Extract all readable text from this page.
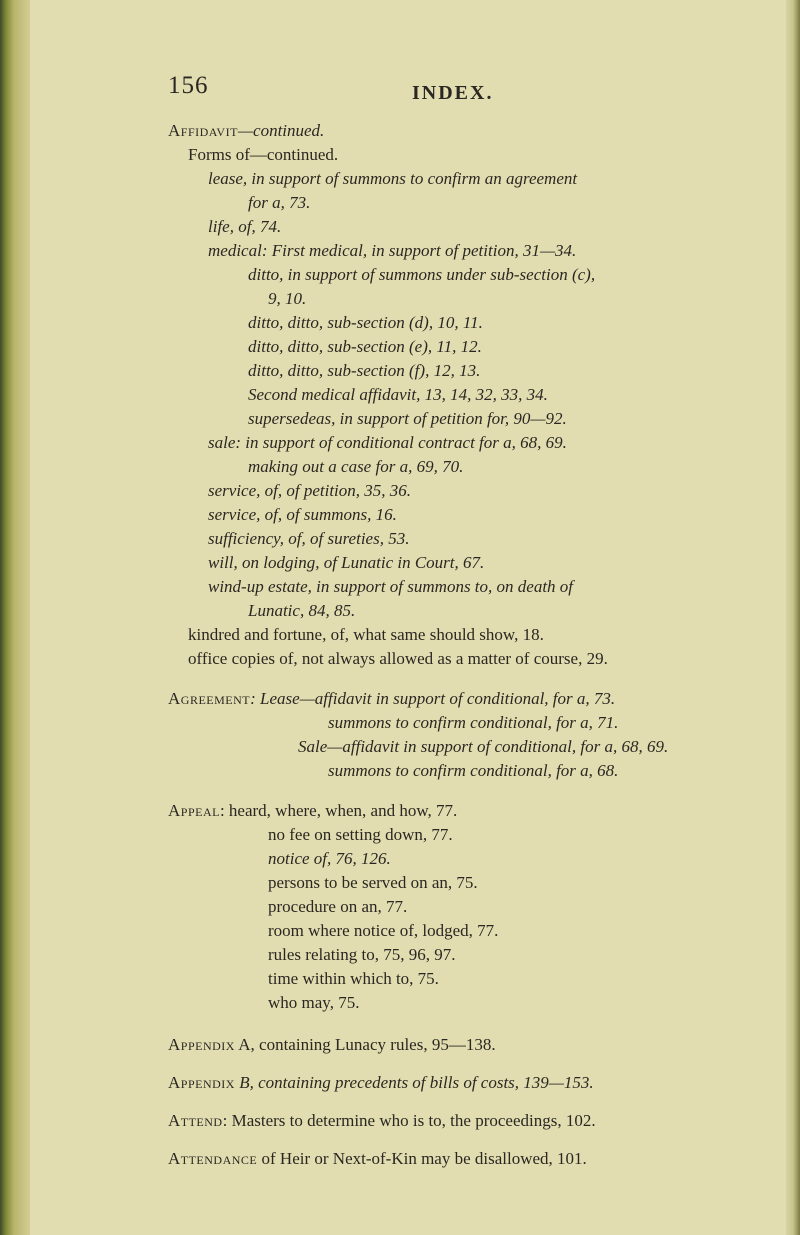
156	INDEX.
Affidavit—continued.
Forms of—continued.
lease, in support of summons to confirm an agreement
for a, 73.
life, of, 74.
medical: First medical, in support of petition, 31—34.
ditto, in support of summons under sub-section (c),
9, 10.
ditto, ditto, sub-section (d), 10, 11.
ditto, ditto, sub-section (e), 11, 12.
ditto, ditto, sub-section (f), 12, 13.
Second medical affidavit, 13, 14, 32, 33, 34.
supersedeas, in support of petition for, 90—92.
sale: in support of conditional contract for a, 68, 69.
making out a case for a, 69, 70.
service, of, of petition, 35, 36.
service, of, of summons, 16.
sufficiency, of, of sureties, 53.
will, on lodging, of Lunatic in Court, 67.
wind-up estate, in support of summons to, on death of
Lunatic, 84, 85.
kindred and fortune, of, what same should show, 18.
office copies of, not always allowed as a matter of course, 29.
Agreement: Lease—affidavit in support of conditional, for a, 73.
summons to confirm conditional, for a, 71.
Sale—affidavit in support of conditional, for a, 68, 69.
summons to confirm conditional, for a, 68.
Appeal: heard, where, when, and how, 77.
no fee on setting down, 77.
notice of, 76, 126.
persons to be served on an, 75.
procedure on an, 77.
room where notice of, lodged, 77.
rules relating to, 75, 96, 97.
time within which to, 75.
who may, 75.
Appendix A, containing Lunacy rules, 95—138.
Appendix B, containing precedents of bills of costs, 139—153.
Attend: Masters to determine who is to, the proceedings, 102.
Attendance of Heir or Next-of-Kin may be disallowed, 101.
